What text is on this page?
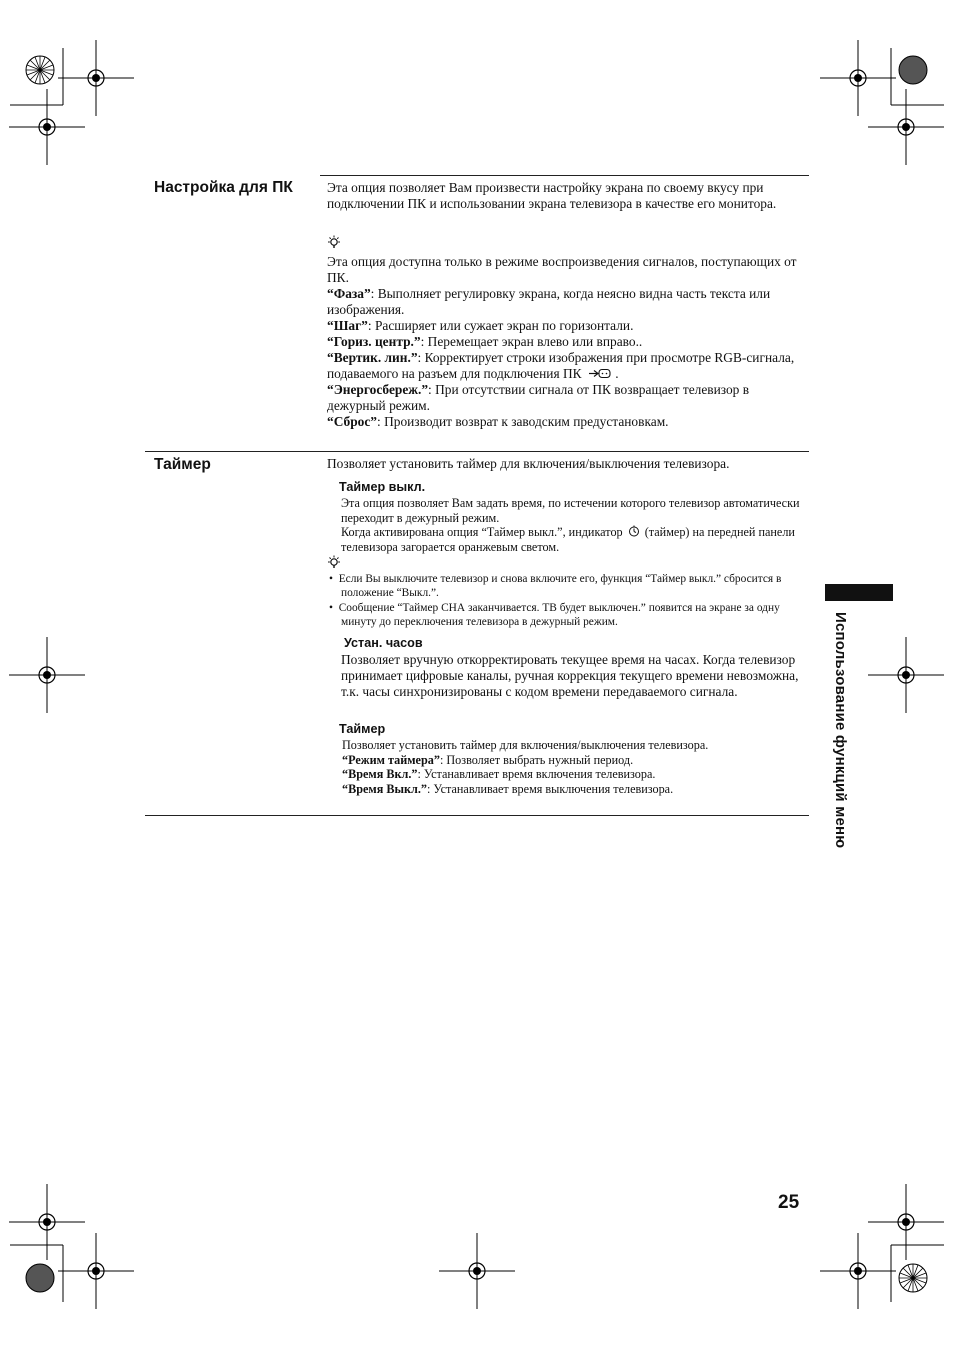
Настройка для ПК	Эта опция позволяет Вам произвести настройку экрана по своему вкусу при подключении ПК и использовании экрана телевизора в качестве его монитора.

Эта опция доступна только в режиме воспроизведения сигналов, поступающих от ПК.

“Фаза”: Выполняет регулировку экрана, когда неясно видна часть текста или изображения.

“Шаг”: Расширяет или сужает экран по горизонтали.

“Гориз. центр.”: Перемещает экран влево или вправо..

“Вертик. лин.”: Корректирует строки изображения при просмотре RGB-сигнала, подаваемого на разъем для подключения ПК  .

“Энергосбереж.”: При отсутствии сигнала от ПК возвращает телевизор в дежурный режим.

“Сброс”: Производит возврат к заводским предустановкам.

Таймер	Позволяет установить таймер для включения/выключения телевизора.
Таймер выкл.

Эта опция позволяет Вам задать время, по истечении которого телевизор автоматически переходит в дежурный режим.

Когда активирована опция “Таймер выкл.”, индикатор (таймер) на передней панели телевизора загорается оранжевым светом.

•  Если Вы выключите телевизор и снова включите его, функция “Таймер выкл.” сбросится в положение “Выкл.”.

•  Сообщение “Таймер СНА заканчивается. ТВ будет выключен.” появится на экране за одну минуту до переключения телевизора в дежурный режим.

Устан. часов
Позволяет вручную откорректировать текущее время на часах. Когда телевизор принимает цифровые каналы, ручная коррекция текущего времени невозможна, т.к. часы синхронизированы с кодом времени передаваемого сигнала.
Таймер

Позволяет установить таймер для включения/выключения телевизора.

“Режим таймера”: Позволяет выбрать нужный период.

“Время Вкл.”: Устанавливает время включения телевизора.

“Время Выкл.”: Устанавливает время выключения телевизора.	Использование функций меню
25
